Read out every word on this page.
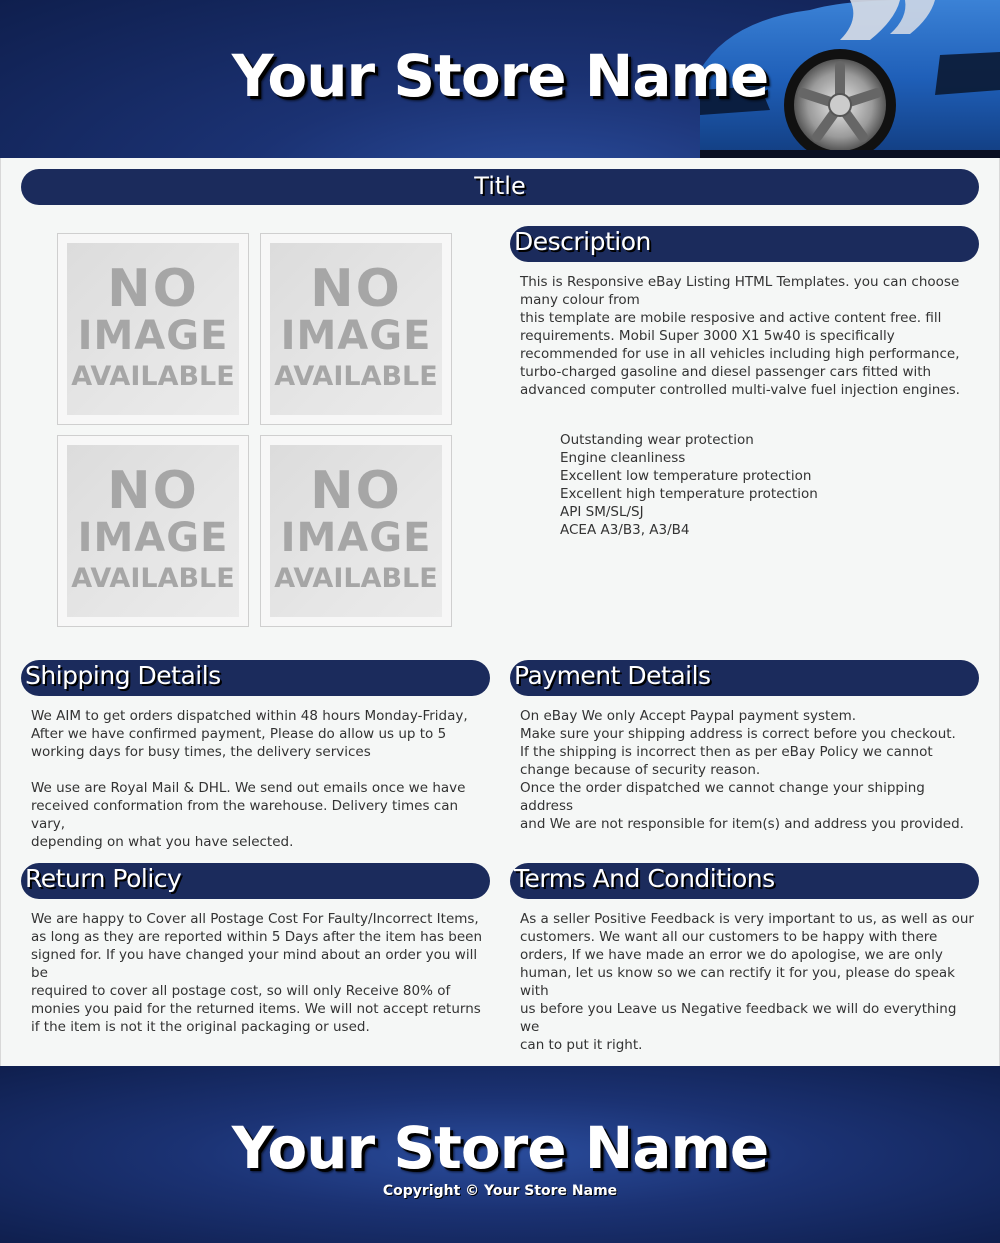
Your Store Name
Title
NO
IMAGE
AVAILABLE
NO
IMAGE
AVAILABLE
NO
IMAGE
AVAILABLE
NO
IMAGE
AVAILABLE
Description
This is Responsive eBay Listing HTML Templates. you can choose
many colour from
this template are mobile resposive and active content free. fill
requirements. Mobil Super 3000 X1 5w40 is specifically
recommended for use in all vehicles including high performance,
turbo-charged gasoline and diesel passenger cars fitted with
advanced computer controlled multi-valve fuel injection engines.
Outstanding wear protection
Engine cleanliness
Excellent low temperature protection
Excellent high temperature protection
API SM/SL/SJ
ACEA A3/B3, A3/B4
Shipping Details
We AIM to get orders dispatched within 48 hours Monday-Friday,
After we have confirmed payment, Please do allow us up to 5
working days for busy times, the delivery services

We use are Royal Mail & DHL. We send out emails once we have
received conformation from the warehouse. Delivery times can vary,
depending on what you have selected.
Payment Details
On eBay We only Accept Paypal payment system.
Make sure your shipping address is correct before you checkout.
If the shipping is incorrect then as per eBay Policy we cannot
change because of security reason.
Once the order dispatched we cannot change your shipping address
and We are not responsible for item(s) and address you provided.
Return Policy
We are happy to Cover all Postage Cost For Faulty/Incorrect Items,
as long as they are reported within 5 Days after the item has been
signed for. If you have changed your mind about an order you will be
required to cover all postage cost, so will only Receive 80% of
monies you paid for the returned items. We will not accept returns
if the item is not it the original packaging or used.
Terms And Conditions
As a seller Positive Feedback is very important to us, as well as our
customers. We want all our customers to be happy with there
orders, If we have made an error we do apologise, we are only
human, let us know so we can rectify it for you, please do speak with
us before you Leave us Negative feedback we will do everything we
can to put it right.
Your Store Name
Copyright © Your Store Name
